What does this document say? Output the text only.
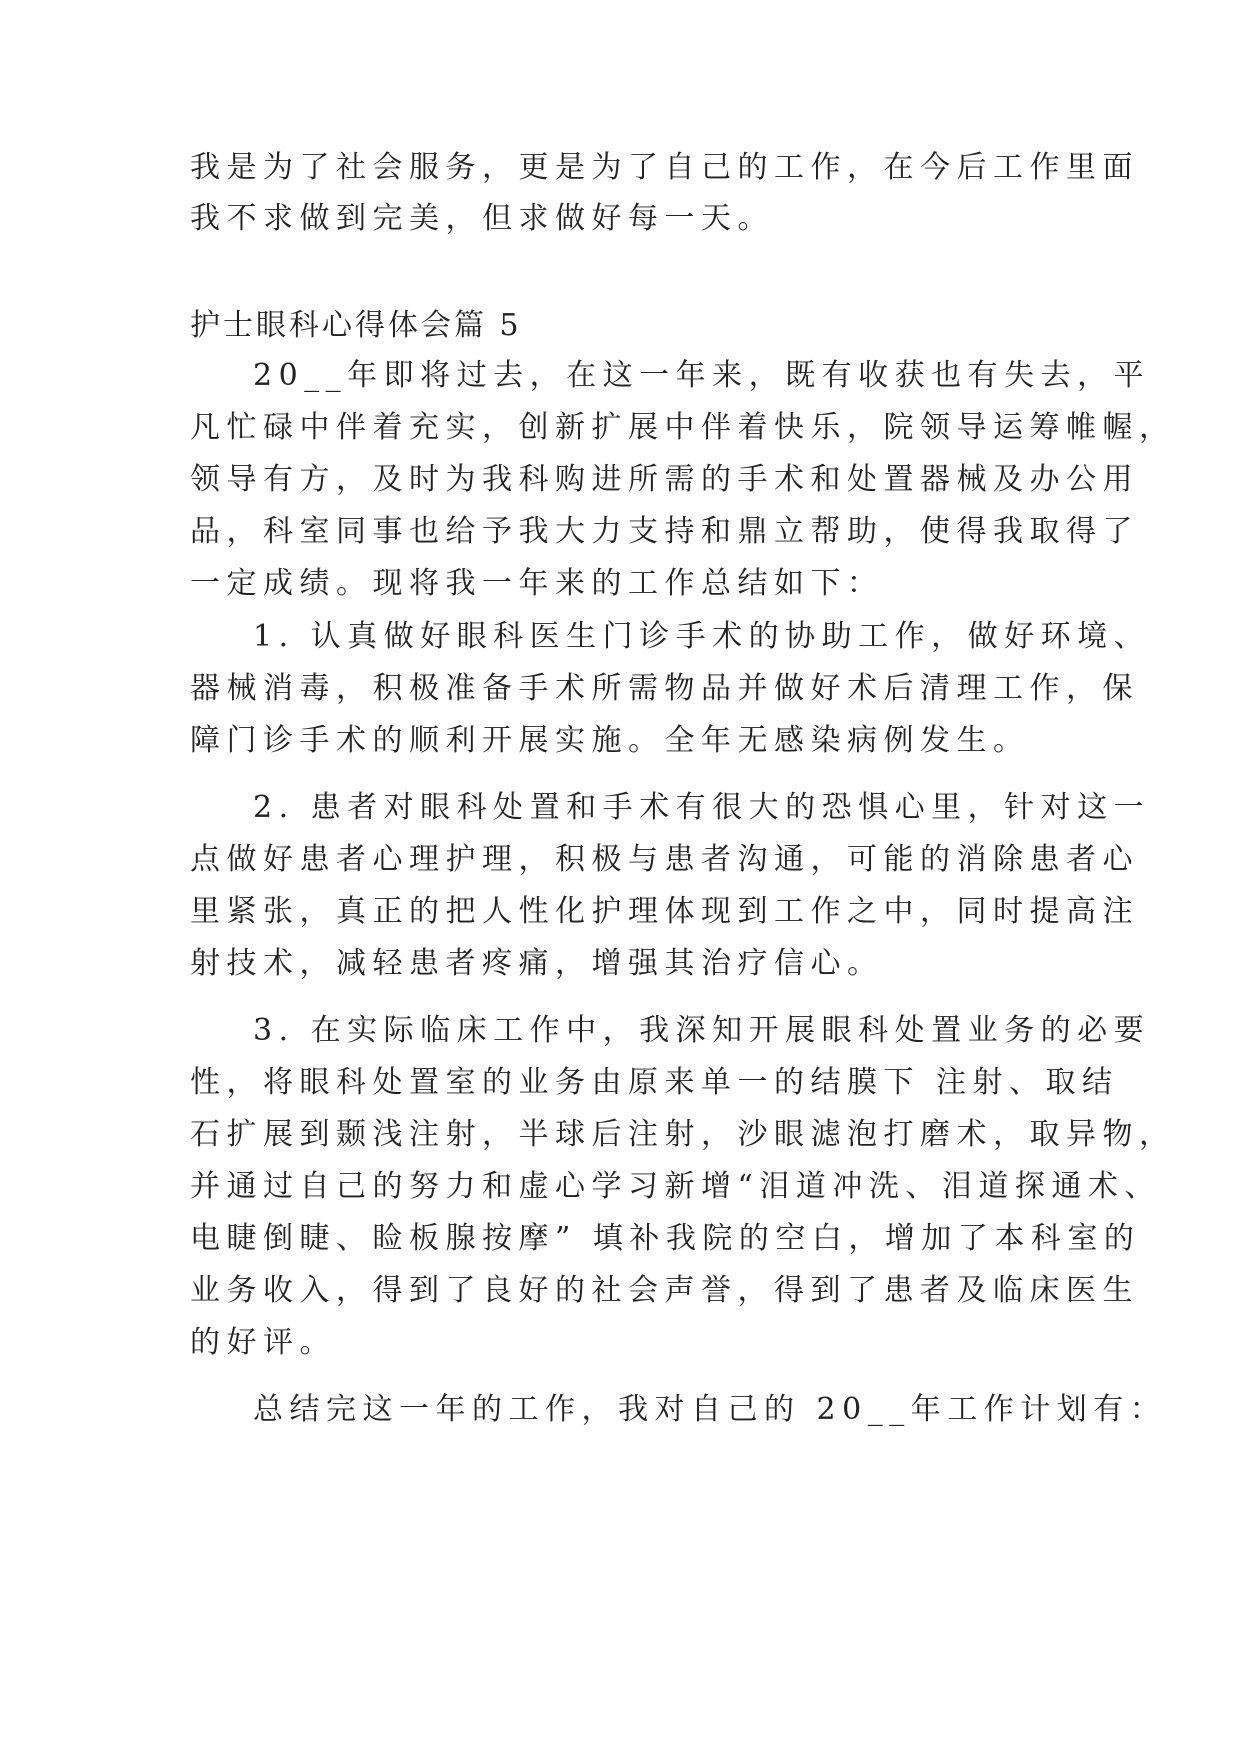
我是为了社会服务，更是为了自己的工作，在今后工作里面
我不求做到完美，但求做好每一天。
护士眼科心得体会篇 5
20__年即将过去，在这一年来，既有收获也有失去，平
凡忙碌中伴着充实，创新扩展中伴着快乐，院领导运筹帷幄，
领导有方，及时为我科购进所需的手术和处置器械及办公用
品，科室同事也给予我大力支持和鼎立帮助，使得我取得了
一定成绩。现将我一年来的工作总结如下：
1. 认真做好眼科医生门诊手术的协助工作，做好环境、
器械消毒，积极准备手术所需物品并做好术后清理工作，保
障门诊手术的顺利开展实施。全年无感染病例发生。
2. 患者对眼科处置和手术有很大的恐惧心里，针对这一
点做好患者心理护理，积极与患者沟通，可能的消除患者心
里紧张，真正的把人性化护理体现到工作之中，同时提高注
射技术，减轻患者疼痛，增强其治疗信心。
3. 在实际临床工作中，我深知开展眼科处置业务的必要
性，将眼科处置室的业务由原来单一的结膜下 注射、取结
石扩展到颞浅注射，半球后注射，沙眼滤泡打磨术，取异物，
并通过自己的努力和虚心学习新增“泪道冲洗、泪道探通术、
电睫倒睫、睑板腺按摩” 填补我院的空白，增加了本科室的
业务收入，得到了良好的社会声誉，得到了患者及临床医生
的好评。
总结完这一年的工作，我对自己的 20__年工作计划有：
